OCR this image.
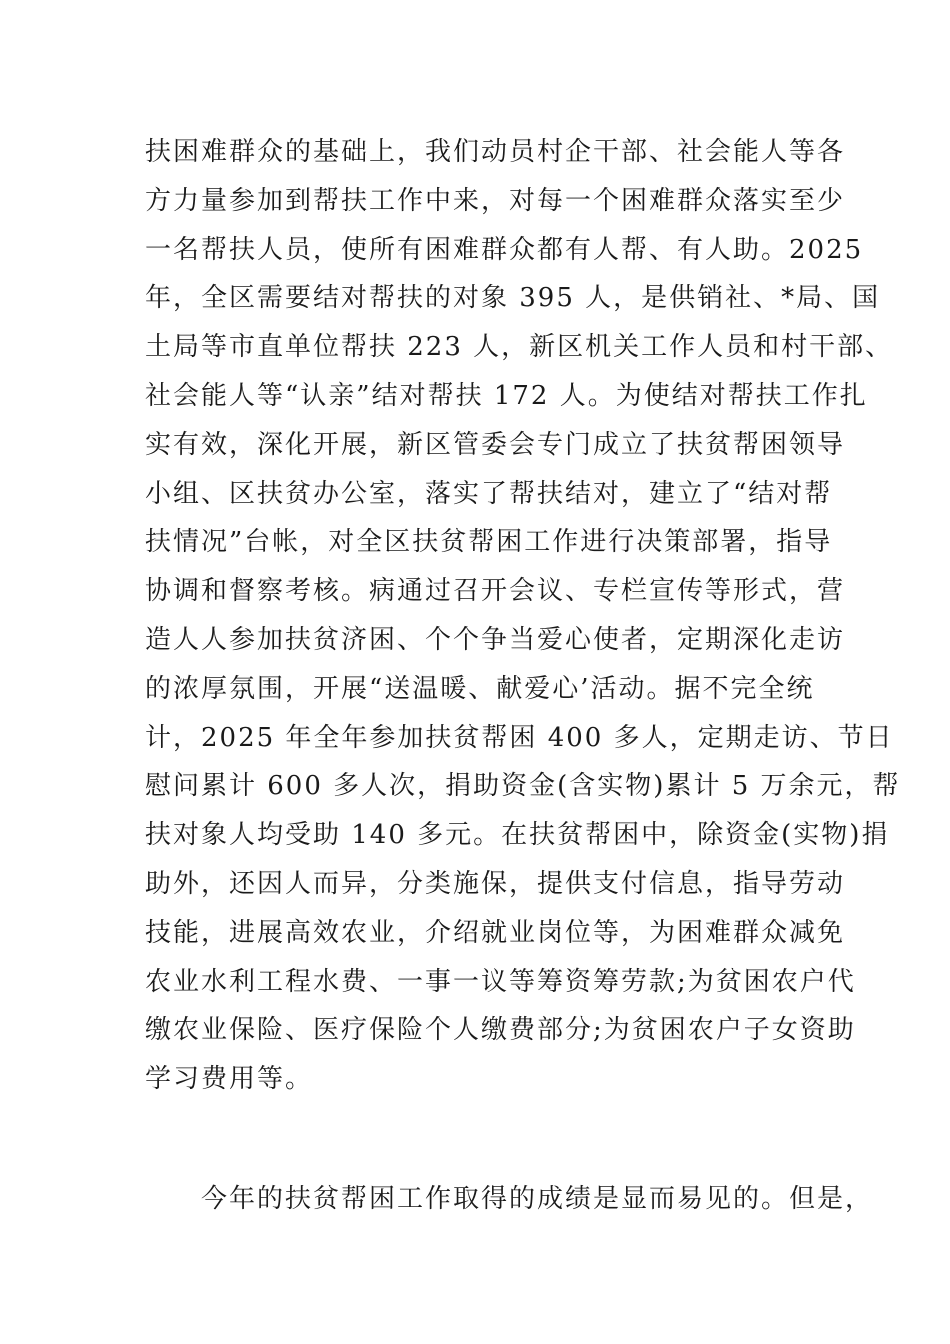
扶困难群众的基础上，我们动员村企干部、社会能人等各
方力量参加到帮扶工作中来，对每一个困难群众落实至少
一名帮扶人员，使所有困难群众都有人帮、有人助。2025
年，全区需要结对帮扶的对象 395 人，是供销社、*局、国
土局等市直单位帮扶 223 人，新区机关工作人员和村干部、
社会能人等“认亲”结对帮扶 172 人。为使结对帮扶工作扎
实有效，深化开展，新区管委会专门成立了扶贫帮困领导
小组、区扶贫办公室，落实了帮扶结对，建立了“结对帮
扶情况”台帐，对全区扶贫帮困工作进行决策部署，指导
协调和督察考核。病通过召开会议、专栏宣传等形式，营
造人人参加扶贫济困、个个争当爱心使者，定期深化走访
的浓厚氛围，开展“送温暖、献爱心’活动。据不完全统
计，2025 年全年参加扶贫帮困 400 多人，定期走访、节日
慰问累计 600 多人次，捐助资金(含实物)累计 5 万余元，帮
扶对象人均受助 140 多元。在扶贫帮困中，除资金(实物)捐
助外，还因人而异，分类施保，提供支付信息，指导劳动
技能，进展高效农业，介绍就业岗位等，为困难群众减免
农业水利工程水费、一事一议等筹资筹劳款;为贫困农户代
缴农业保险、医疗保险个人缴费部分;为贫困农户子女资助
学习费用等。
今年的扶贫帮困工作取得的成绩是显而易见的。但是，
